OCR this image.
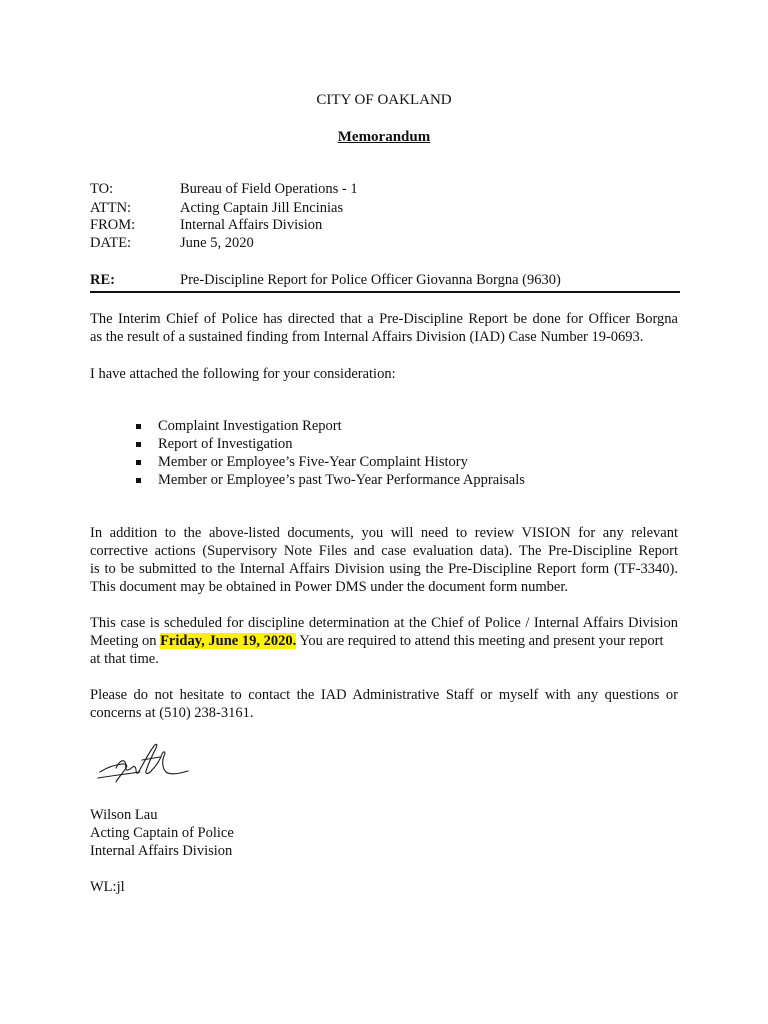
CITY OF OAKLAND
Memorandum
TO:	Bureau of Field Operations - 1
ATTN:	Acting Captain Jill Encinias
FROM:	Internal Affairs Division
DATE:	June 5, 2020
RE:	Pre-Discipline Report for Police Officer Giovanna Borgna (9630)
The Interim Chief of Police has directed that a Pre-Discipline Report be done for Officer Borgna
as the result of a sustained finding from Internal Affairs Division (IAD) Case Number 19-0693.
I have attached the following for your consideration:
Complaint Investigation Report
Report of Investigation
Member or Employee’s Five-Year Complaint History
Member or Employee’s past Two-Year Performance Appraisals
In addition to the above-listed documents, you will need to review VISION for any relevant
corrective actions (Supervisory Note Files and case evaluation data). The Pre-Discipline Report
is to be submitted to the Internal Affairs Division using the Pre-Discipline Report form (TF-3340).
This document may be obtained in Power DMS under the document form number.
This case is scheduled for discipline determination at the Chief of Police / Internal Affairs Division
Meeting on Friday, June 19, 2020. You are required to attend this meeting and present your report
at that time.
Please do not hesitate to contact the IAD Administrative Staff or myself with any questions or
concerns at (510) 238-3161.
Wilson Lau
Acting Captain of Police
Internal Affairs Division
WL:jl
